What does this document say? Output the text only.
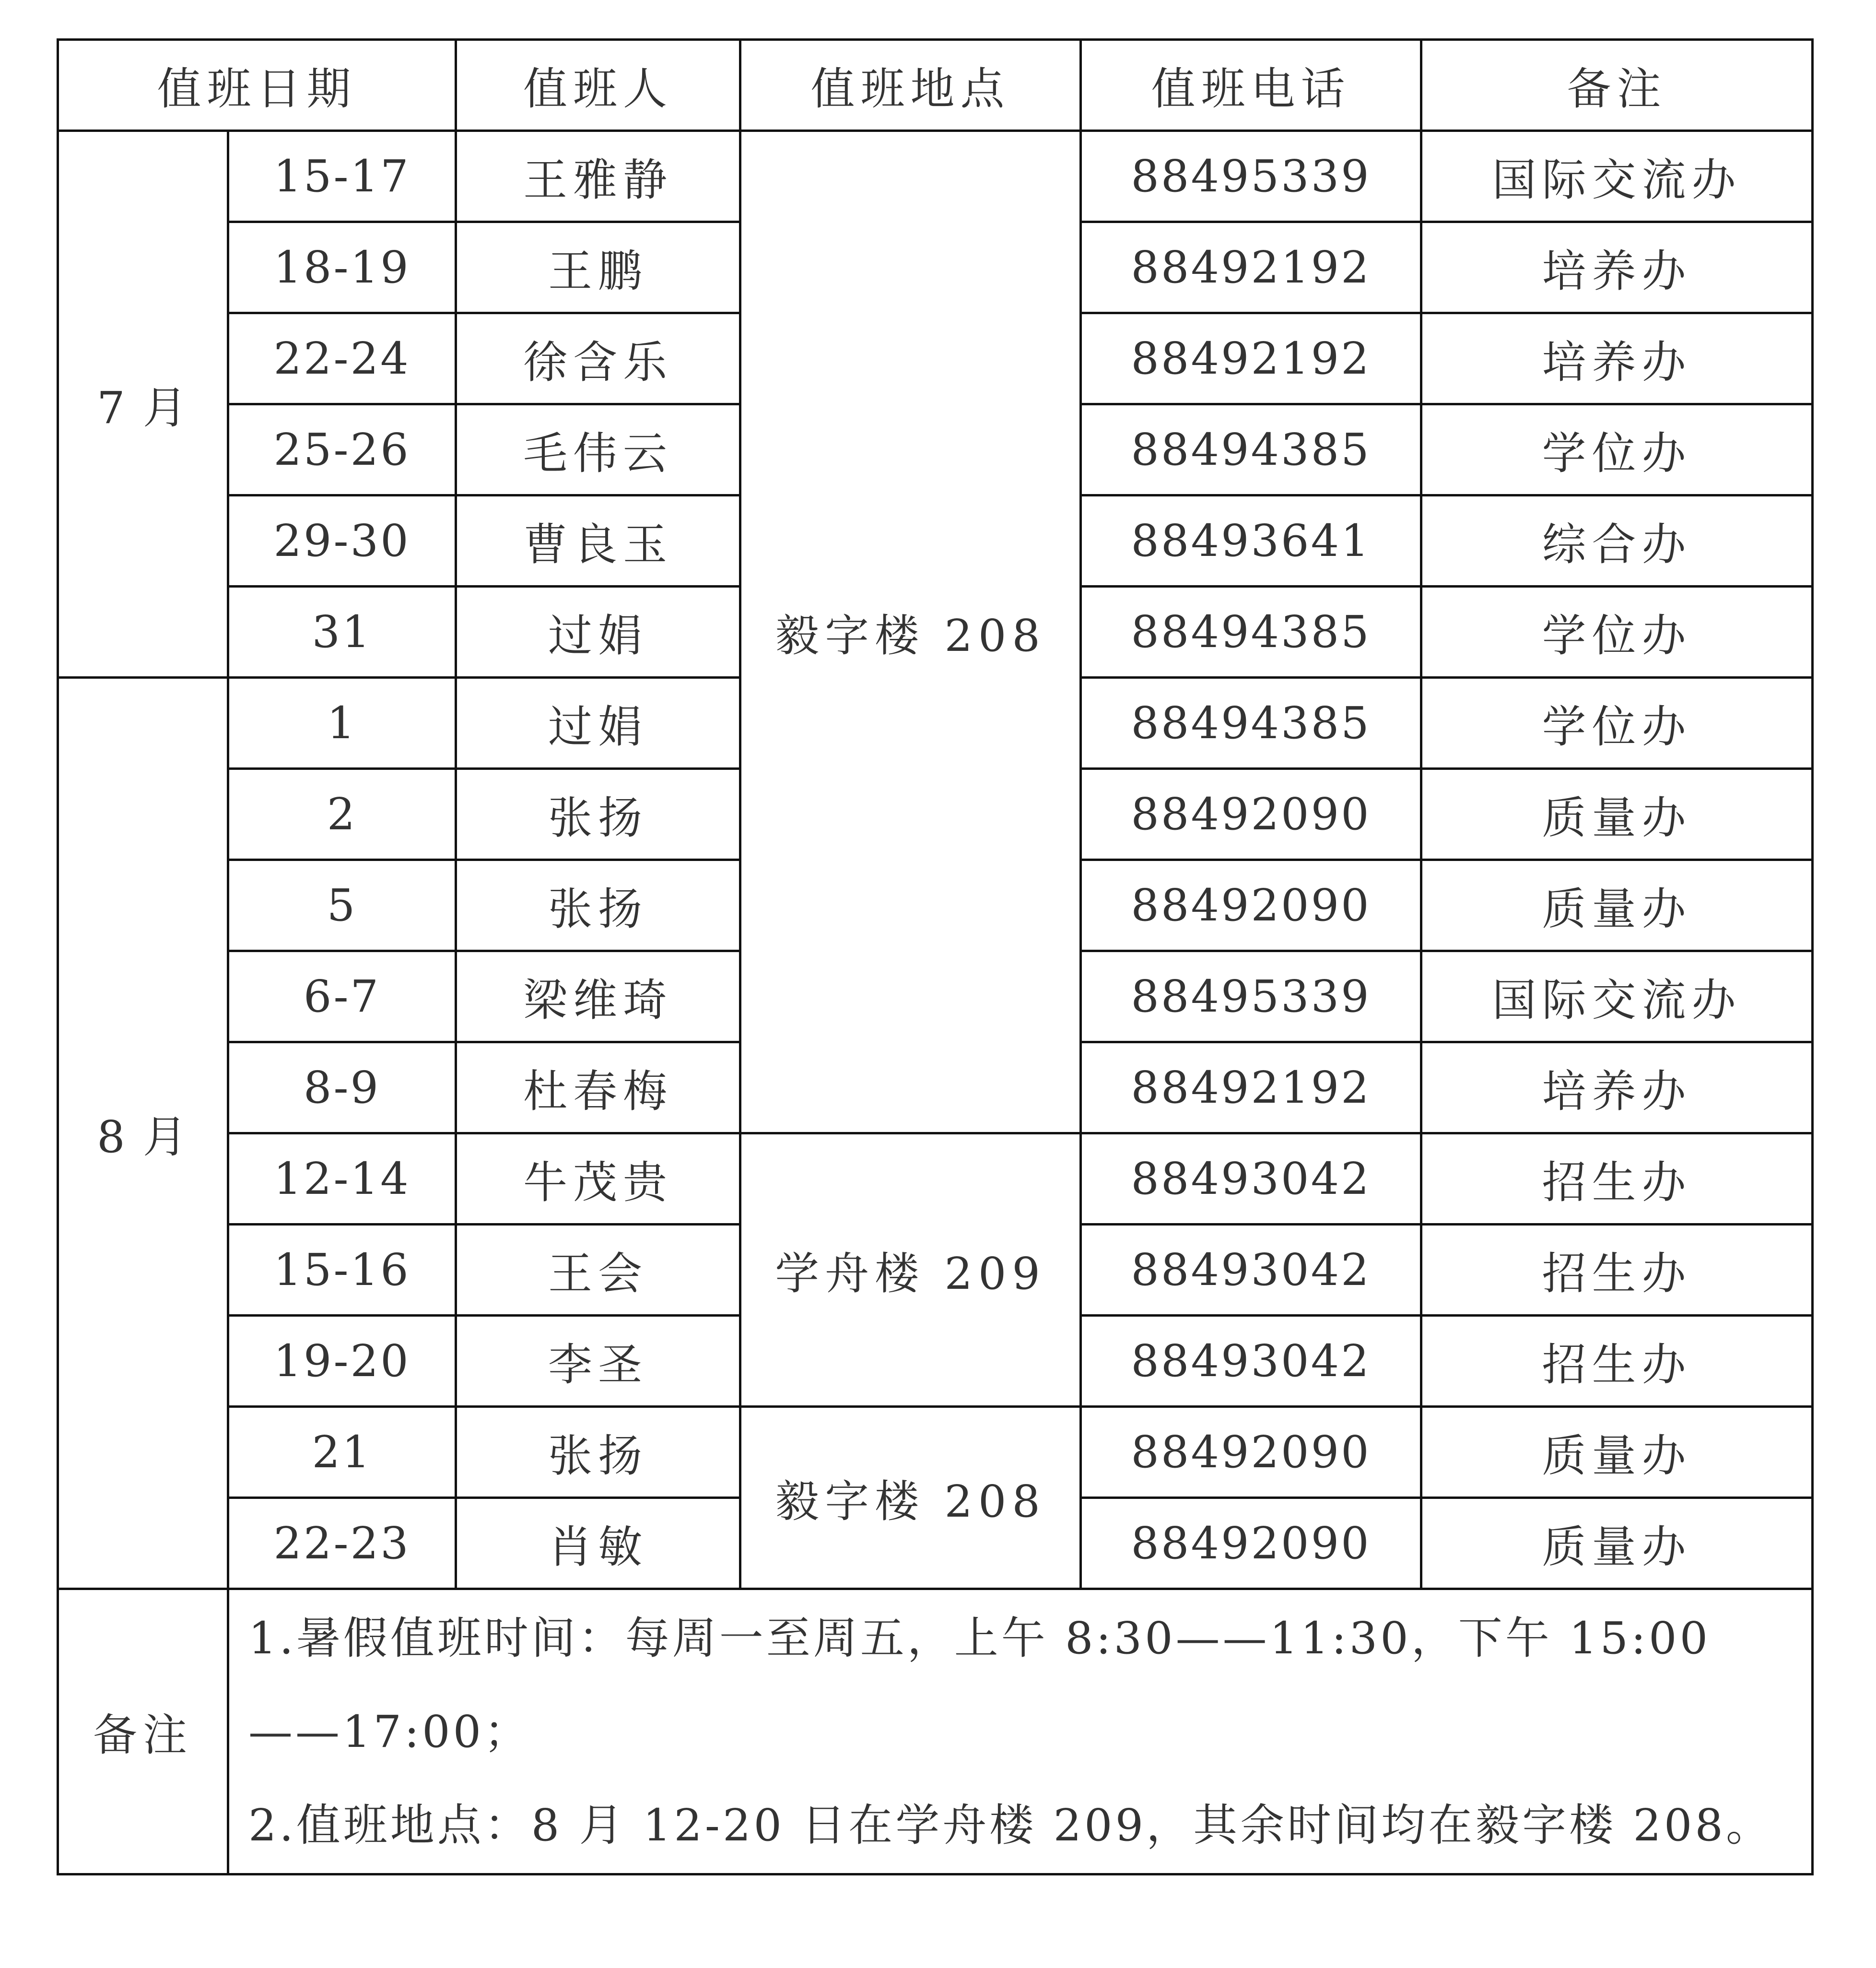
值班日期		值班人	值班地点	值班电话	备注
7 月	15-17	王雅静	毅字楼 208	88495339	国际交流办
	18-19	王鹏		88492192	培养办
	22-24	徐含乐		88492192	培养办
	25-26	毛伟云		88494385	学位办
	29-30	曹良玉		88493641	综合办
	31	过娟		88494385	学位办
8 月	1	过娟		88494385	学位办
	2	张扬		88492090	质量办
	5	张扬		88492090	质量办
	6-7	梁维琦		88495339	国际交流办
	8-9	杜春梅		88492192	培养办
	12-14	牛茂贵	学舟楼 209	88493042	招生办
	15-16	王会		88493042	招生办
	19-20	李圣		88493042	招生办
	21	张扬	毅字楼 208	88492090	质量办
	22-23	肖敏		88492090	质量办
备注	1.暑假值班时间：每周一至周五，上午 8:30——11:30，下午 15:00——17:00；
2.值班地点：8 月 12-20 日在学舟楼 209，其余时间均在毅字楼 208。				
